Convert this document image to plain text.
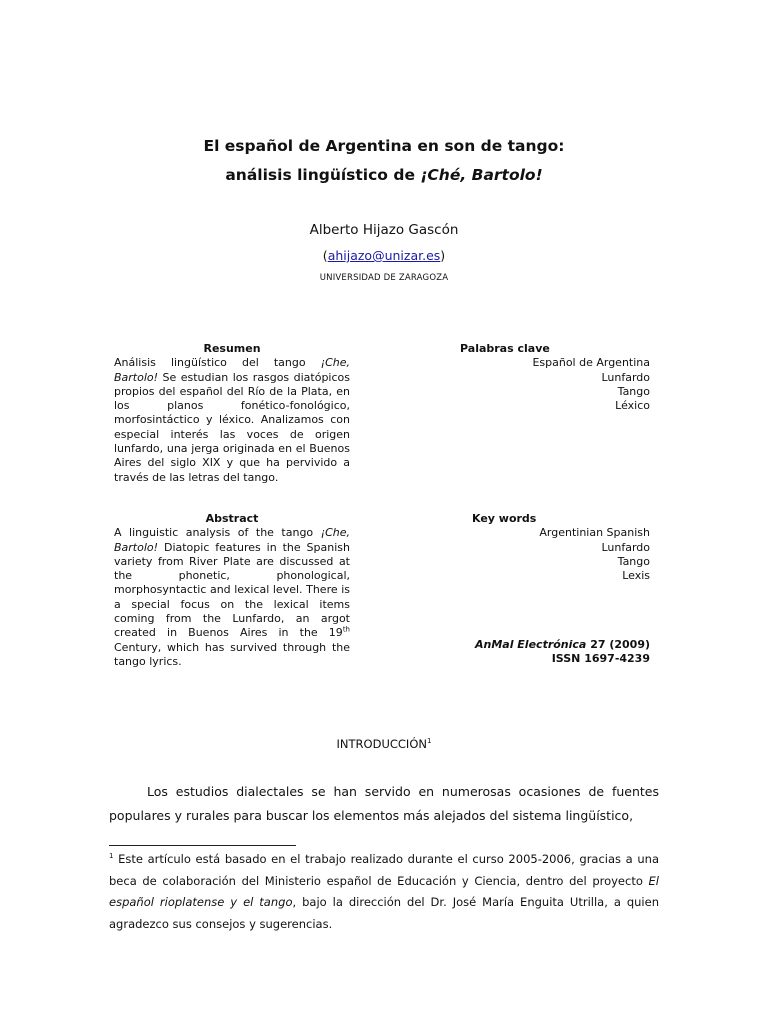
El español de Argentina en son de tango:
análisis lingüístico de ¡Ché, Bartolo!
Alberto Hijazo Gascón
(ahijazo@unizar.es)
UNIVERSIDAD DE ZARAGOZA
Resumen

Análisis lingüístico del tango ¡Che, Bartolo! Se estudian los rasgos diatópicos propios del español del Río de la Plata, en los planos fonético-fonológico, morfosintáctico y léxico. Analizamos con especial interés las voces de origen lunfardo, una jerga originada en el Buenos Aires del siglo XIX y que ha pervivido a través de las letras del tango.

Palabras clave
Español de Argentina
Lunfardo
Tango
Léxico
Abstract

A linguistic analysis of the tango ¡Che, Bartolo! Diatopic features in the Spanish variety from River Plate are discussed at the phonetic, phonological, morphosyntactic and lexical level. There is a special focus on the lexical items coming from the Lunfardo, an argot created in Buenos Aires in the 19th Century, which has survived through the tango lyrics.

Key words
Argentinian Spanish
Lunfardo
Tango
Lexis
AnMal Electrónica 27 (2009)
ISSN 1697-4239
INTRODUCCIÓN$^1$

Los estudios dialectales se han servido en numerosas ocasiones de fuentes populares y rurales para buscar los elementos más alejados del sistema lingüístico,

$^1$ Este artículo está basado en el trabajo realizado durante el curso 2005-2006, gracias a una beca de colaboración del Ministerio español de Educación y Ciencia, dentro del proyecto El español rioplatense y el tango, bajo la dirección del Dr. José María Enguita Utrilla, a quien agradezco sus consejos y sugerencias.
